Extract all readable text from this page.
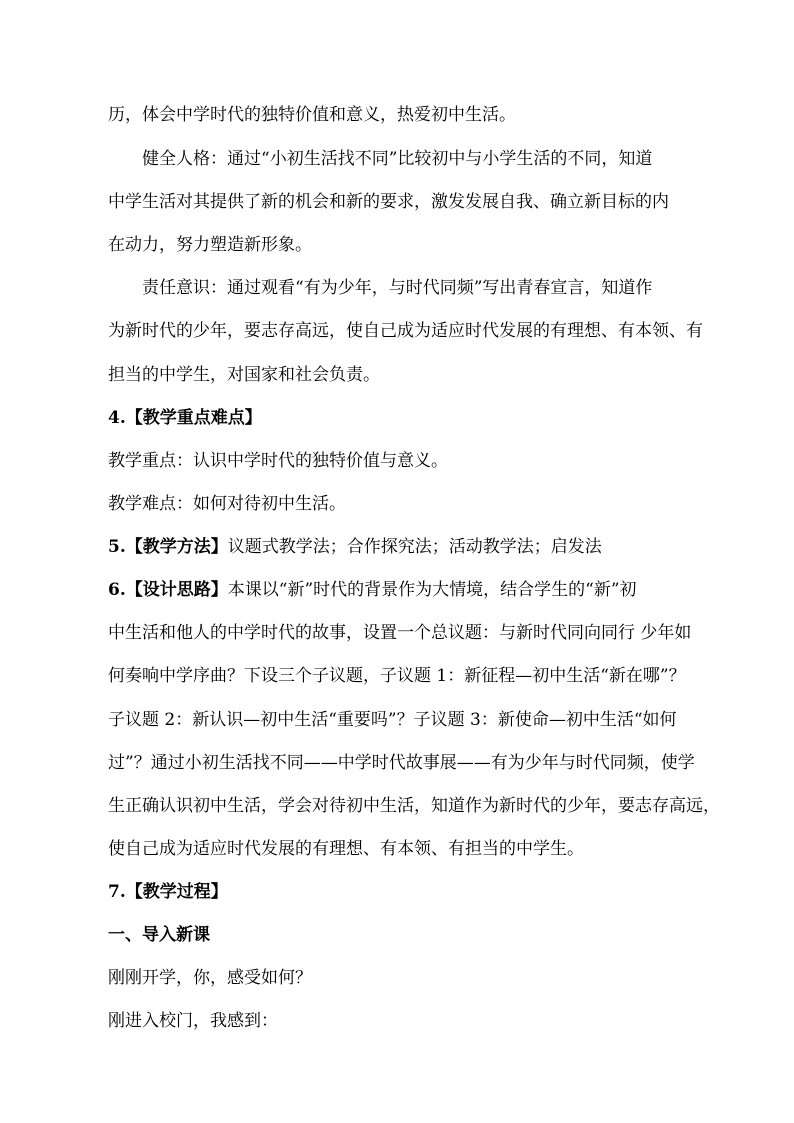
历，体会中学时代的独特价值和意义，热爱初中生活。
健全人格：通过“小初生活找不同”比较初中与小学生活的不同，知道
中学生活对其提供了新的机会和新的要求，激发发展自我、确立新目标的内
在动力，努力塑造新形象。
责任意识：通过观看“有为少年，与时代同频”写出青春宣言，知道作
为新时代的少年，要志存高远，使自己成为适应时代发展的有理想、有本领、有
担当的中学生，对国家和社会负责。
4.【教学重点难点】
教学重点：认识中学时代的独特价值与意义。
教学难点：如何对待初中生活。
5.【教学方法】议题式教学法；合作探究法；活动教学法；启发法
6.【设计思路】本课以“新”时代的背景作为大情境，结合学生的“新”初
中生活和他人的中学时代的故事，设置一个总议题：与新时代同向同行 少年如
何奏响中学序曲？下设三个子议题，子议题 1：新征程—初中生活“新在哪”？
子议题 2：新认识—初中生活“重要吗”？子议题 3：新使命—初中生活“如何
过”？通过小初生活找不同——中学时代故事展——有为少年与时代同频，使学
生正确认识初中生活，学会对待初中生活，知道作为新时代的少年，要志存高远，
使自己成为适应时代发展的有理想、有本领、有担当的中学生。
7.【教学过程】
一、导入新课
刚刚开学，你，感受如何？
刚进入校门，我感到：
